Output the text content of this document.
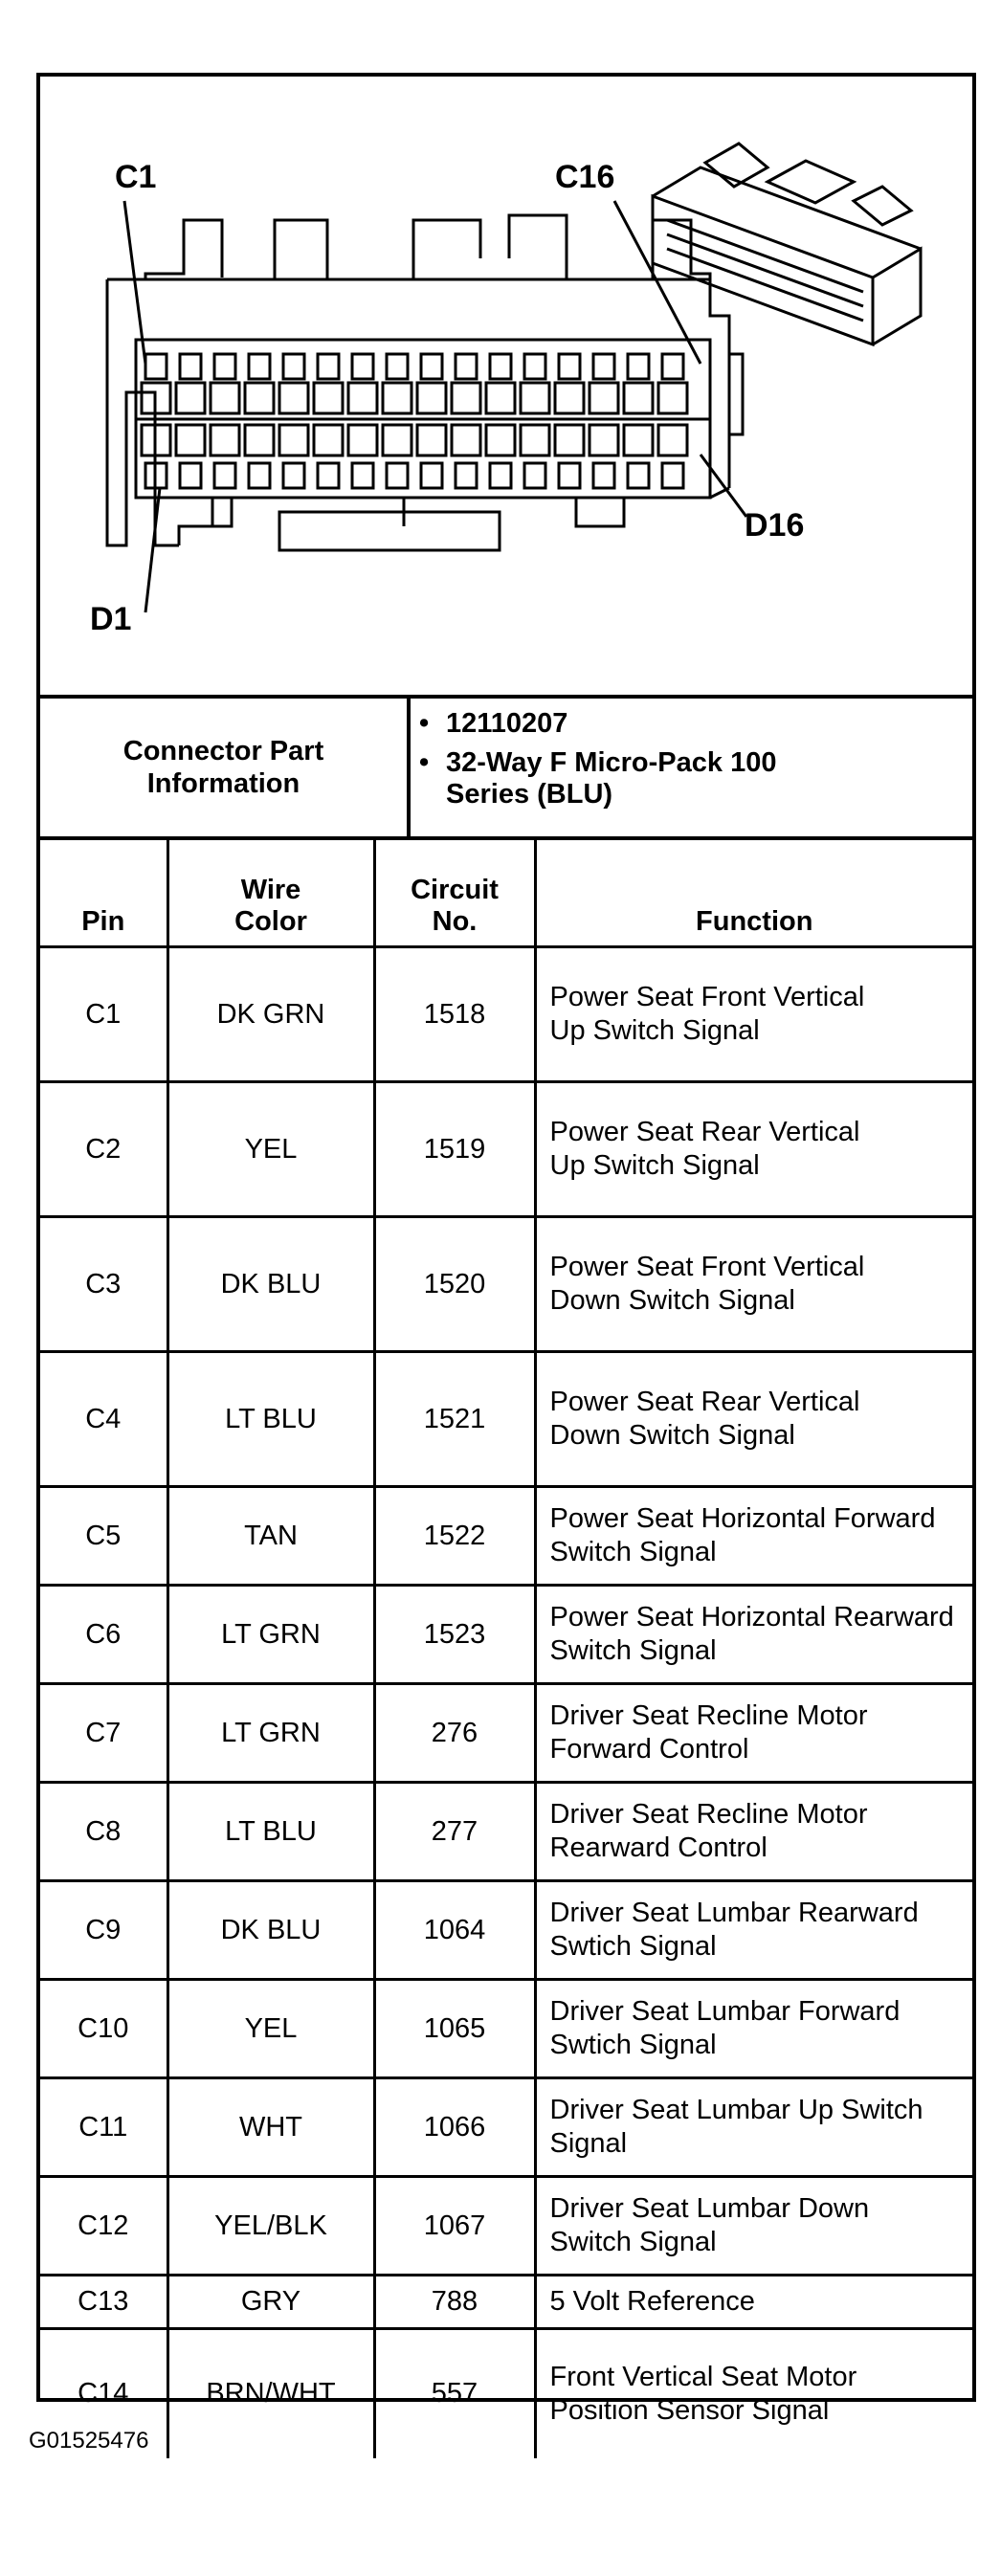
C1	C16
D1
D16
Connector Part Information
• 12110207
• 32-Way F Micro-Pack 100 Series (BLU)
Pin	Wire Color	Circuit No.	Function
C1	DK GRN	1518	Power Seat Front Vertical Up Switch Signal

C2	YEL	1519	Power Seat Rear Vertical Up Switch Signal

C3	DK BLU	1520	Power Seat Front Vertical Down Switch Signal

C4	LT BLU	1521	Power Seat Rear Vertical Down Switch Signal

C5	TAN	1522	Power Seat Horizontal Forward Switch Signal
C6	LT GRN	1523	Power Seat Horizontal Rearward Switch Signal
C7	LT GRN	276	Driver Seat Recline Motor Forward Control
C8	LT BLU	277	Driver Seat Recline Motor Rearward Control
C9	DK BLU	1064	Driver Seat Lumbar Rearward Swtich Signal
C10	YEL	1065	Driver Seat Lumbar Forward Swtich Signal
C11	WHT	1066	Driver Seat Lumbar Up Switch Signal

C12	YEL/BLK	1067	Driver Seat Lumbar Down Switch Signal

C13	GRY	788	5 Volt Reference
C14	BRN/WHT	557	Front Vertical Seat Motor Position Sensor Signal
G01525476
